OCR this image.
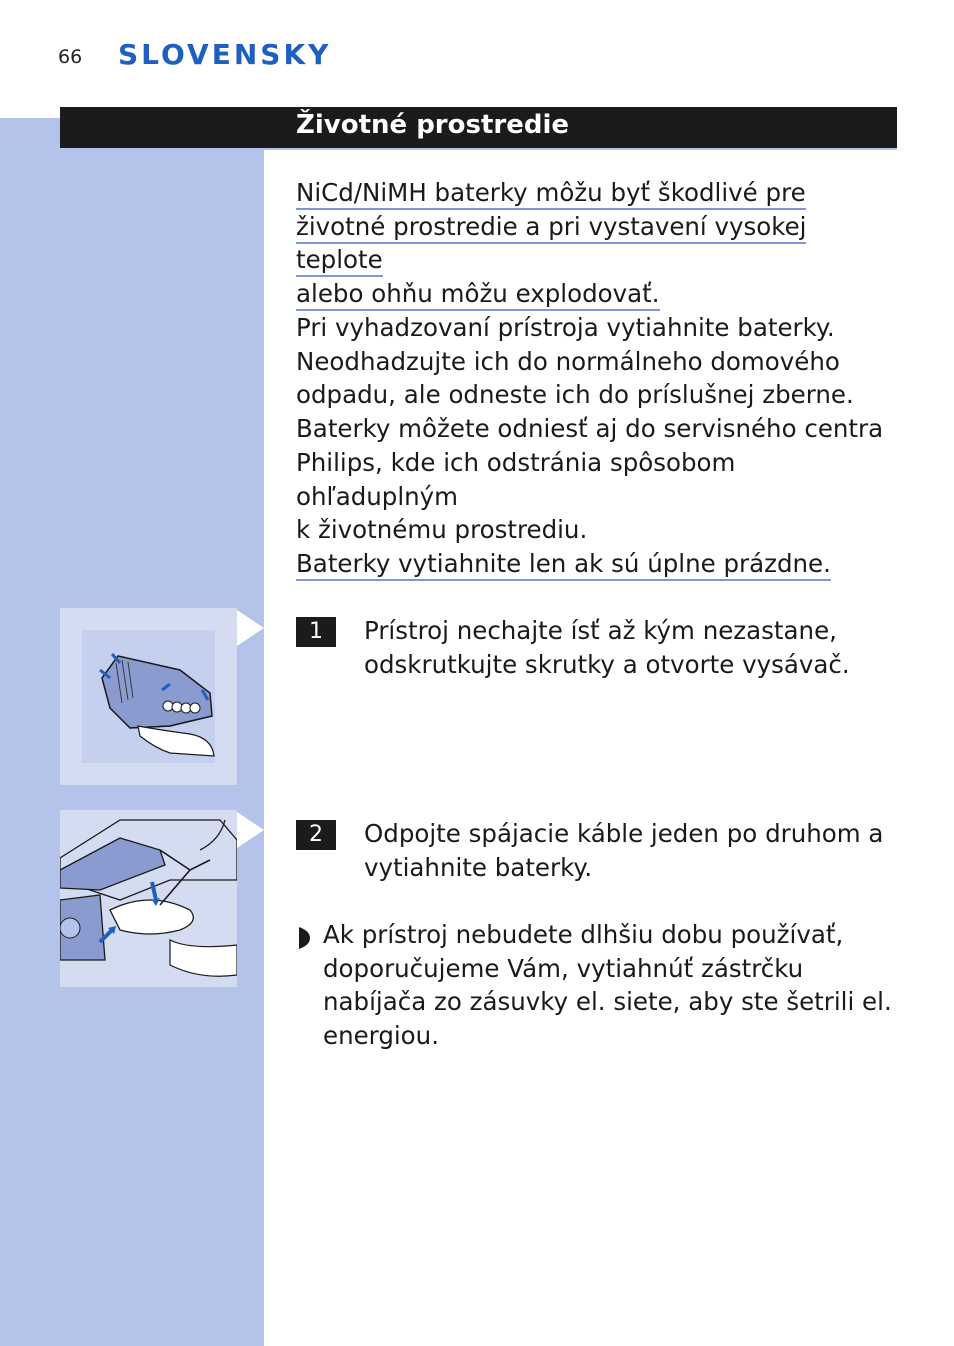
66 SLOVENSKY
Životné prostredie
NiCd/NiMH baterky môžu byť škodlivé pre
životné prostredie a pri vystavení vysokej teplote
alebo ohňu môžu explodovať.
Pri vyhadzovaní prístroja vytiahnite baterky.
Neodhadzujte ich do normálneho domového
odpadu, ale odneste ich do príslušnej zberne.
Baterky môžete odniesť aj do servisného centra
Philips, kde ich odstránia spôsobom ohľaduplným
k životnému prostrediu.
Baterky vytiahnite len ak sú úplne prázdne.
1	Prístroj nechajte ísť až kým nezastane,
odskrutkujte skrutky a otvorte vysávač.
2	Odpojte spájacie káble jeden po druhom a
vytiahnite baterky.
Ak prístroj nebudete dlhšiu dobu používať,
doporučujeme Vám, vytiahnúť zástrčku
nabíjača zo zásuvky el. siete, aby ste šetrili el.
energiou.
